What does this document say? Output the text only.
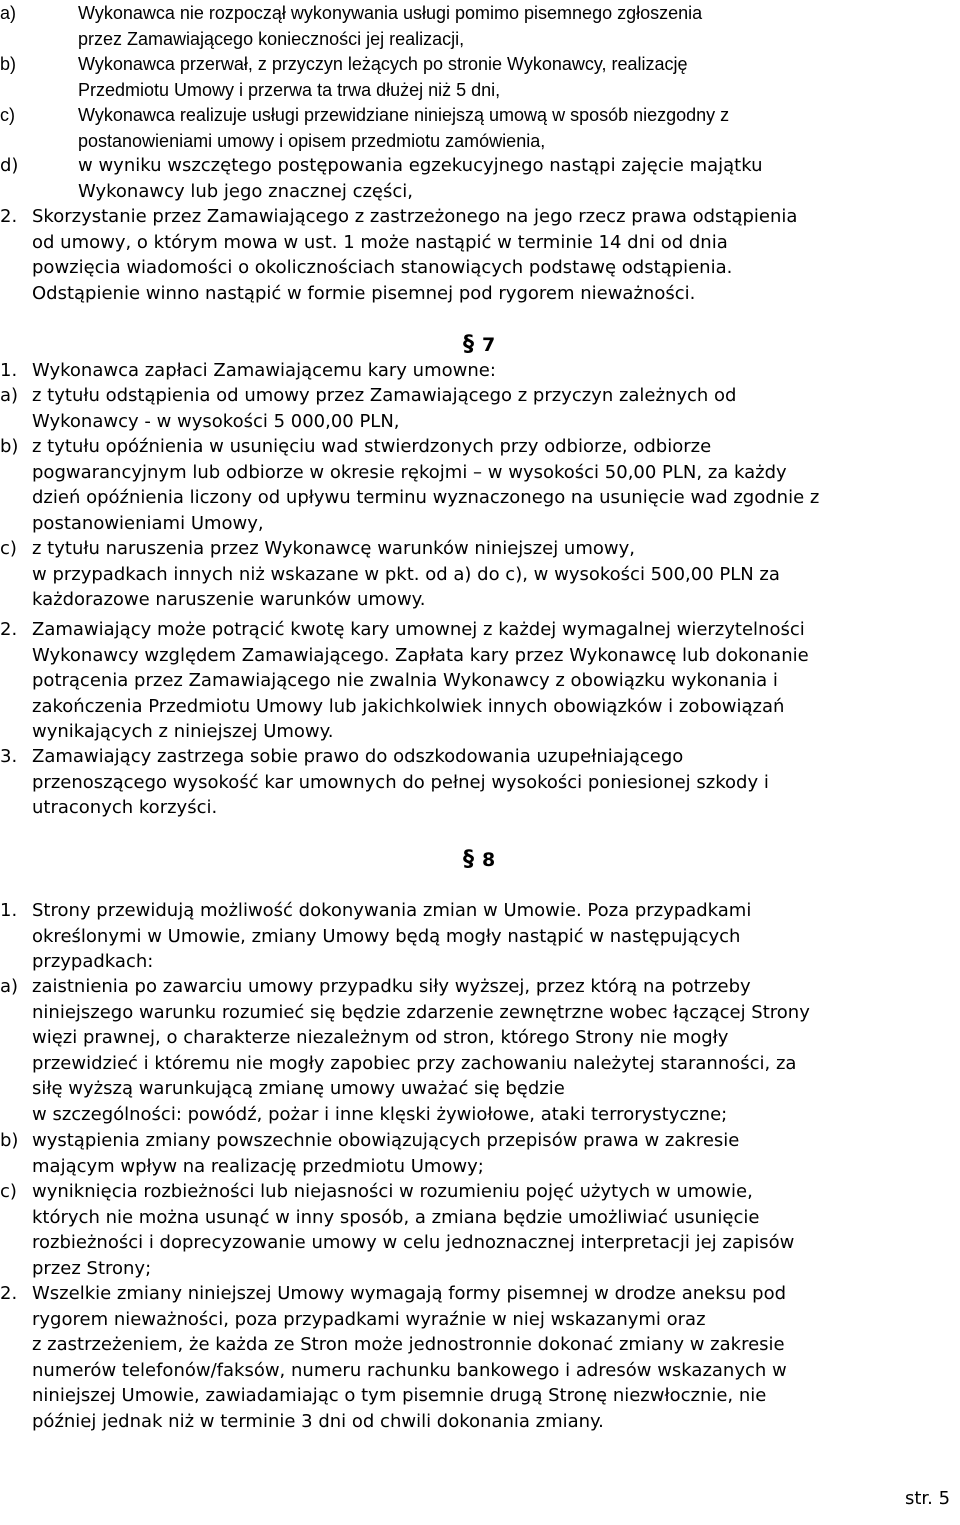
a)	Wykonawca nie rozpoczął wykonywania usługi pomimo pisemnego zgłoszenia
przez Zamawiającego konieczności jej realizacji,
b)	Wykonawca przerwał, z przyczyn leżących po stronie Wykonawcy, realizację
Przedmiotu Umowy i przerwa ta trwa dłużej niż 5 dni,
c)	Wykonawca realizuje usługi przewidziane niniejszą umową w sposób niezgodny z
postanowieniami umowy i opisem przedmiotu zamówienia,
d)	w wyniku wszczętego postępowania egzekucyjnego nastąpi zajęcie majątku
Wykonawcy lub jego znacznej części,
2. Skorzystanie przez Zamawiającego z zastrzeżonego na jego rzecz prawa odstąpienia
od umowy, o którym mowa w ust. 1 może nastąpić w terminie 14 dni od dnia
powzięcia wiadomości o okolicznościach stanowiących podstawę odstąpienia.
Odstąpienie winno nastąpić w formie pisemnej pod rygorem nieważności.
§ 7
1. Wykonawca zapłaci Zamawiającemu kary umowne:
a) z tytułu odstąpienia od umowy przez Zamawiającego z przyczyn zależnych od
Wykonawcy - w wysokości 5 000,00 PLN,
b) z tytułu opóźnienia w usunięciu wad stwierdzonych przy odbiorze, odbiorze
pogwarancyjnym lub odbiorze w okresie rękojmi – w wysokości 50,00 PLN, za każdy
dzień opóźnienia liczony od upływu terminu wyznaczonego na usunięcie wad zgodnie z
postanowieniami Umowy,
c) z tytułu naruszenia przez Wykonawcę warunków niniejszej umowy,
w przypadkach innych niż wskazane w pkt. od a) do c), w wysokości 500,00 PLN za
każdorazowe naruszenie warunków umowy.
2. Zamawiający może potrącić kwotę kary umownej z każdej wymagalnej wierzytelności
Wykonawcy względem Zamawiającego. Zapłata kary przez Wykonawcę lub dokonanie
potrącenia przez Zamawiającego nie zwalnia Wykonawcy z obowiązku wykonania i
zakończenia Przedmiotu Umowy lub jakichkolwiek innych obowiązków i zobowiązań
wynikających z niniejszej Umowy.
3. Zamawiający zastrzega sobie prawo do odszkodowania uzupełniającego
przenoszącego wysokość kar umownych do pełnej wysokości poniesionej szkody i
utraconych korzyści.
§ 8
1. Strony przewidują możliwość dokonywania zmian w Umowie. Poza przypadkami
określonymi w Umowie, zmiany Umowy będą mogły nastąpić w następujących
przypadkach:
a) zaistnienia po zawarciu umowy przypadku siły wyższej, przez którą na potrzeby
niniejszego warunku rozumieć się będzie zdarzenie zewnętrzne wobec łączącej Strony
więzi prawnej, o charakterze niezależnym od stron, którego Strony nie mogły
przewidzieć i któremu nie mogły zapobiec przy zachowaniu należytej staranności, za
siłę wyższą warunkującą zmianę umowy uważać się będzie
w szczególności: powódź, pożar i inne klęski żywiołowe, ataki terrorystyczne;
b) wystąpienia zmiany powszechnie obowiązujących przepisów prawa w zakresie
mającym wpływ na realizację przedmiotu Umowy;
c) wyniknięcia rozbieżności lub niejasności w rozumieniu pojęć użytych w umowie,
których nie można usunąć w inny sposób, a zmiana będzie umożliwiać usunięcie
rozbieżności i doprecyzowanie umowy w celu jednoznacznej interpretacji jej zapisów
przez Strony;
2. Wszelkie zmiany niniejszej Umowy wymagają formy pisemnej w drodze aneksu pod
rygorem nieważności, poza przypadkami wyraźnie w niej wskazanymi oraz
z zastrzeżeniem, że każda ze Stron może jednostronnie dokonać zmiany w zakresie
numerów telefonów/faksów, numeru rachunku bankowego i adresów wskazanych w
niniejszej Umowie, zawiadamiając o tym pisemnie drugą Stronę niezwłocznie, nie
później jednak niż w terminie 3 dni od chwili dokonania zmiany.
str. 5
